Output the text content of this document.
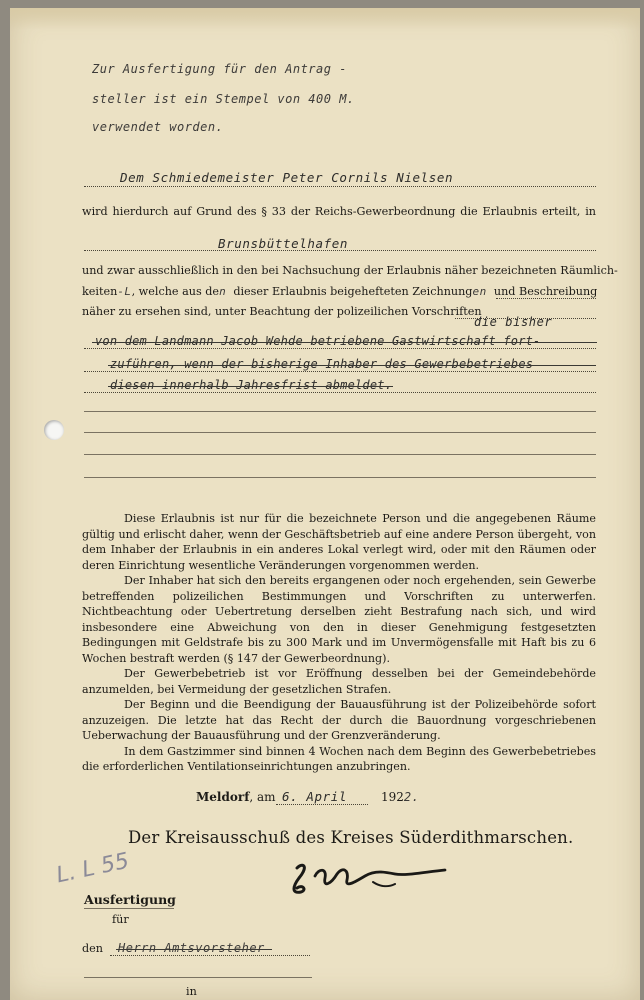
Zur Ausfertigung für den Antrag -
steller ist ein Stempel von 400 M.
verwendet worden.
Dem Schmiedemeister Peter Cornils Nielsen
wird hierdurch auf Grund des § 33 der Reichs-Gewerbeordnung die Erlaubnis erteilt, in
Brunsbüttelhafen
und zwar ausschließlich in den bei Nachsuchung der Erlaubnis näher bezeichneten Räumlich-
keiten-L, welche aus den dieser Erlaubnis beigehefteten Zeichnungen und Beschreibung
näher zu ersehen sind, unter Beachtung der polizeilichen Vorschriften
die bisher
von dem Landmann Jacob Wehde betriebene Gastwirtschaft fort-
zuführen, wenn der bisherige Inhaber des Gewerbebetriebes
diesen innerhalb Jahresfrist abmeldet.

Diese Erlaubnis ist nur für die bezeichnete Person und die angegebenen Räume gültig und erlischt daher, wenn der Geschäftsbetrieb auf eine andere Person übergeht, von dem Inhaber der Erlaubnis in ein anderes Lokal verlegt wird, oder mit den Räumen oder deren Einrichtung wesentliche Veränderungen vorgenommen werden.

Der Inhaber hat sich den bereits ergangenen oder noch ergehenden, sein Gewerbe betreffenden polizeilichen Bestimmungen und Vorschriften zu unterwerfen. Nichtbeachtung oder Uebertretung derselben zieht Bestrafung nach sich, und wird insbesondere eine Abweichung von den in dieser Genehmigung festgesetzten Bedingungen mit Geldstrafe bis zu 300 Mark und im Unvermögensfalle mit Haft bis zu 6 Wochen bestraft werden (§ 147 der Gewerbeordnung).

Der Gewerbebetrieb ist vor Eröffnung desselben bei der Gemeindebehörde anzumelden, bei Vermeidung der gesetzlichen Strafen.

Der Beginn und die Beendigung der Bauausführung ist der Polizeibehörde sofort anzuzeigen. Die letzte hat das Recht der durch die Bauordnung vorgeschriebenen Ueberwachung der Bauausführung und der Grenzveränderung.

In dem Gastzimmer sind binnen 4 Wochen nach dem Beginn des Gewerbebetriebes die erforderlichen Ventilationseinrichtungen anzubringen.

Meldorf, am 6. April	1922.
Der Kreisausschuß des Kreises Süderdithmarschen.
L. L 55
Ausfertigung
für
den Herrn Amtsvorsteher
in
